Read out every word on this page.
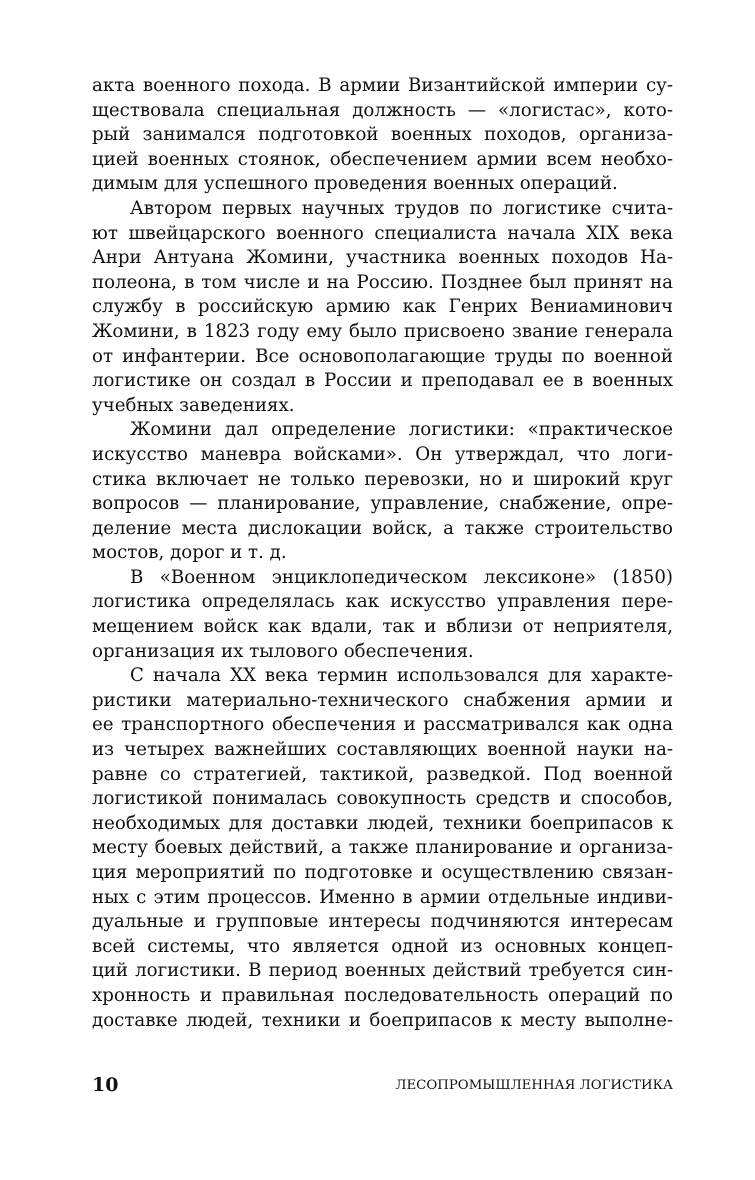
акта военного похода. В армии Византийской империи су-
ществовала специальная должность — «логистас», кото-
рый занимался подготовкой военных походов, организа-
цией военных стоянок, обеспечением армии всем необхо-
димым для успешного проведения военных операций.
Автором первых научных трудов по логистике счита-
ют швейцарского военного специалиста начала XIX века
Анри Антуана Жомини, участника военных походов На-
полеона, в том числе и на Россию. Позднее был принят на
службу в российскую армию как Генрих Вениаминович
Жомини, в 1823 году ему было присвоено звание генерала
от инфантерии. Все основополагающие труды по военной
логистике он создал в России и преподавал ее в военных
учебных заведениях.
Жомини дал определение логистики: «практическое
искусство маневра войсками». Он утверждал, что логи-
стика включает не только перевозки, но и широкий круг
вопросов — планирование, управление, снабжение, опре-
деление места дислокации войск, а также строительство
мостов, дорог и т. д.
В «Военном энциклопедическом лексиконе» (1850)
логистика определялась как искусство управления пере-
мещением войск как вдали, так и вблизи от неприятеля,
организация их тылового обеспечения.
С начала XX века термин использовался для характе-
ристики материально-технического снабжения армии и
ее транспортного обеспечения и рассматривался как одна
из четырех важнейших составляющих военной науки на-
равне со стратегией, тактикой, разведкой. Под военной
логистикой понималась совокупность средств и способов,
необходимых для доставки людей, техники боеприпасов к
месту боевых действий, а также планирование и организа-
ция мероприятий по подготовке и осуществлению связан-
ных с этим процессов. Именно в армии отдельные индиви-
дуальные и групповые интересы подчиняются интересам
всей системы, что является одной из основных концеп-
ций логистики. В период военных действий требуется син-
хронность и правильная последовательность операций по
доставке людей, техники и боеприпасов к месту выполне-
10	ЛЕСОПРОМЫШЛЕННАЯ ЛОГИСТИКА
